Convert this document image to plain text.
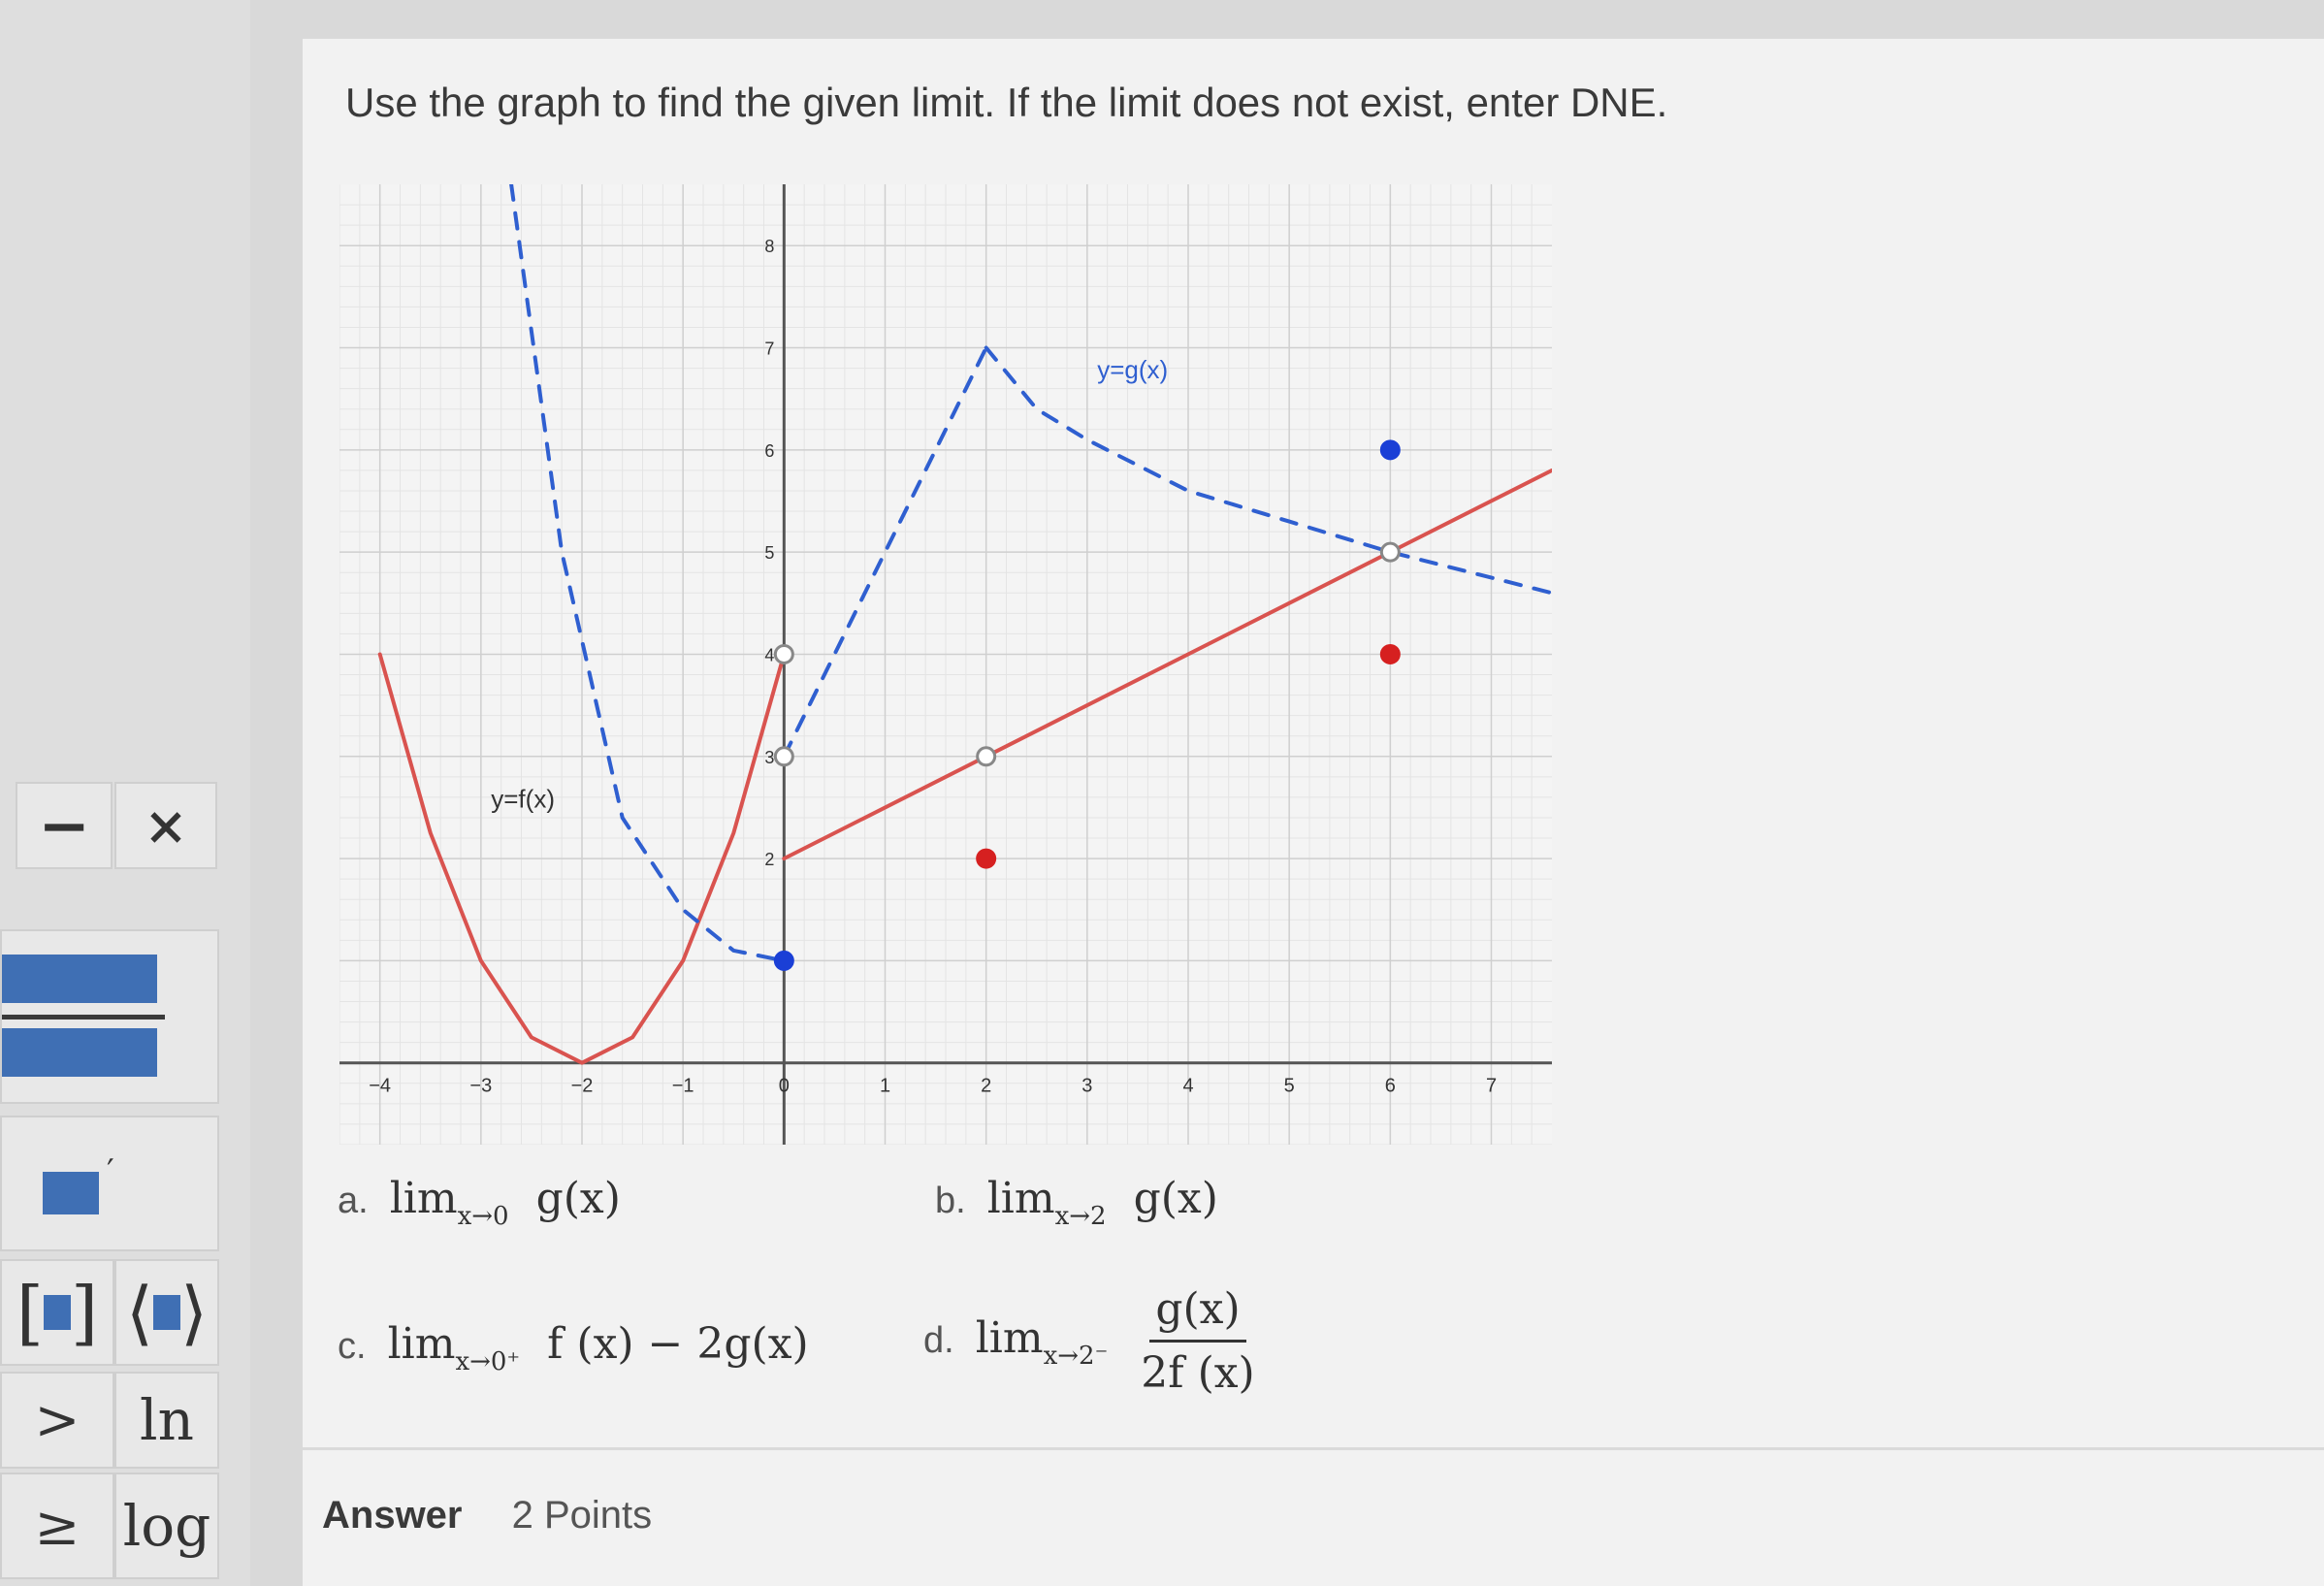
−	×
′
[ ] ⟨ ⟩
>	ln
≥ log

Use the graph to find the given limit. If the limit does not exist, enter DNE.

−4	−3	−2	−1	0	1	2	3	4	5	6	7
2
3
4
5
6
7
8
y=f(x)
y=g(x)
a. $\lim_{x\to 0} g(x)$	b. $\lim_{x\to 2} g(x)$
c. $\lim_{x\to 0^+} f$ (x) − 2g(x)	d. $\lim_{x\to 2^-} \frac{g(x)}{2f (x)}$
Answer 2 Points
